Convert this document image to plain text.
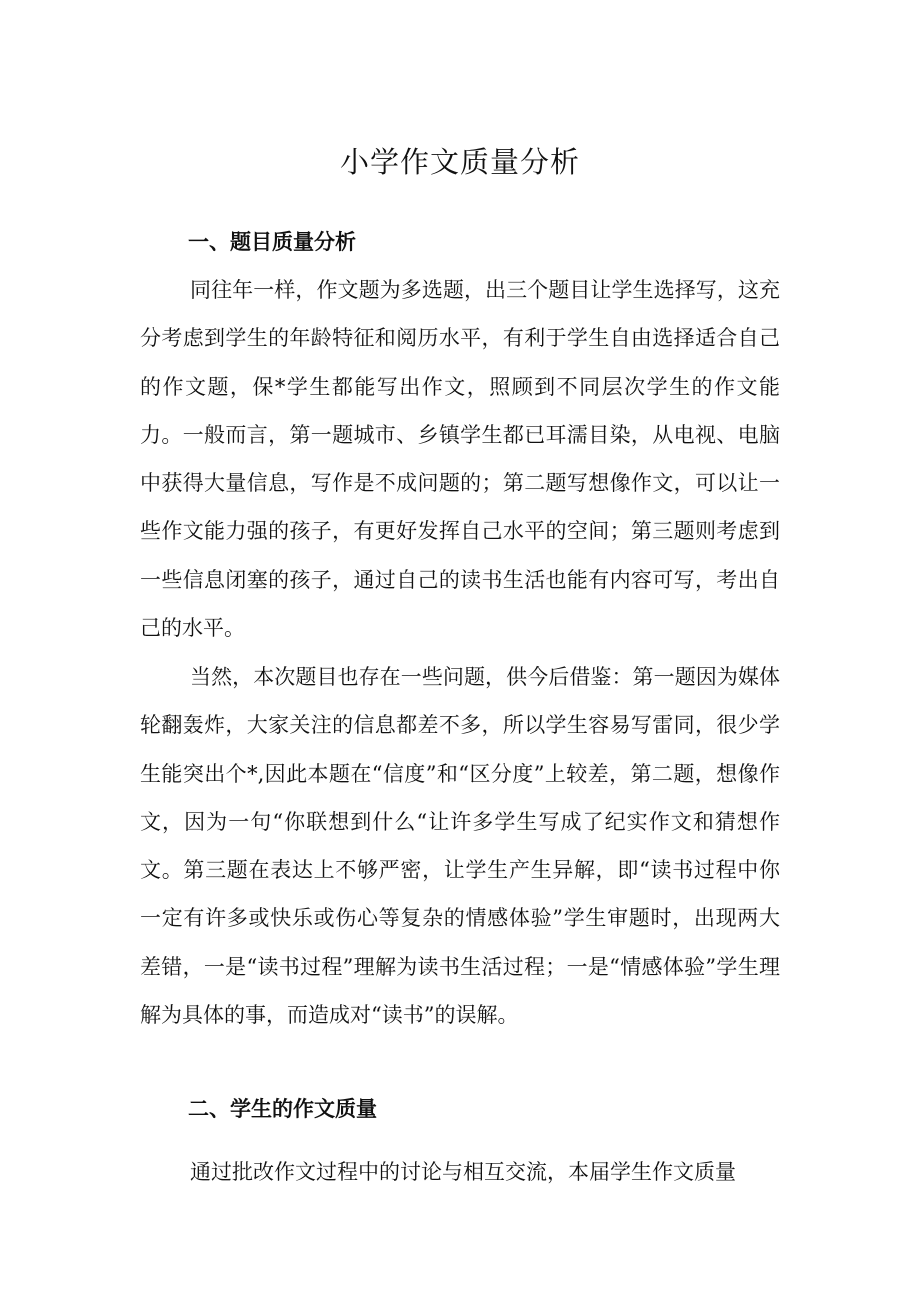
小学作文质量分析
一、题目质量分析

同往年一样，作文题为多选题，出三个题目让学生选择写，这充分考虑到学生的年龄特征和阅历水平，有利于学生自由选择适合自己的作文题，保*学生都能写出作文，照顾到不同层次学生的作文能力。一般而言，第一题城市、乡镇学生都已耳濡目染，从电视、电脑中获得大量信息，写作是不成问题的；第二题写想像作文，可以让一些作文能力强的孩子，有更好发挥自己水平的空间；第三题则考虑到一些信息闭塞的孩子，通过自己的读书生活也能有内容可写，考出自己的水平。

当然，本次题目也存在一些问题，供今后借鉴：第一题因为媒体轮翻轰炸，大家关注的信息都差不多，所以学生容易写雷同，很少学生能突出个*,因此本题在“信度”和“区分度”上较差，第二题，想像作文，因为一句“你联想到什么“让许多学生写成了纪实作文和猜想作文。第三题在表达上不够严密，让学生产生异解，即“读书过程中你一定有许多或快乐或伤心等复杂的情感体验”学生审题时，出现两大差错，一是“读书过程”理解为读书生活过程；一是“情感体验”学生理解为具体的事，而造成对“读书”的误解。

二、学生的作文质量

通过批改作文过程中的讨论与相互交流，本届学生作文质量
